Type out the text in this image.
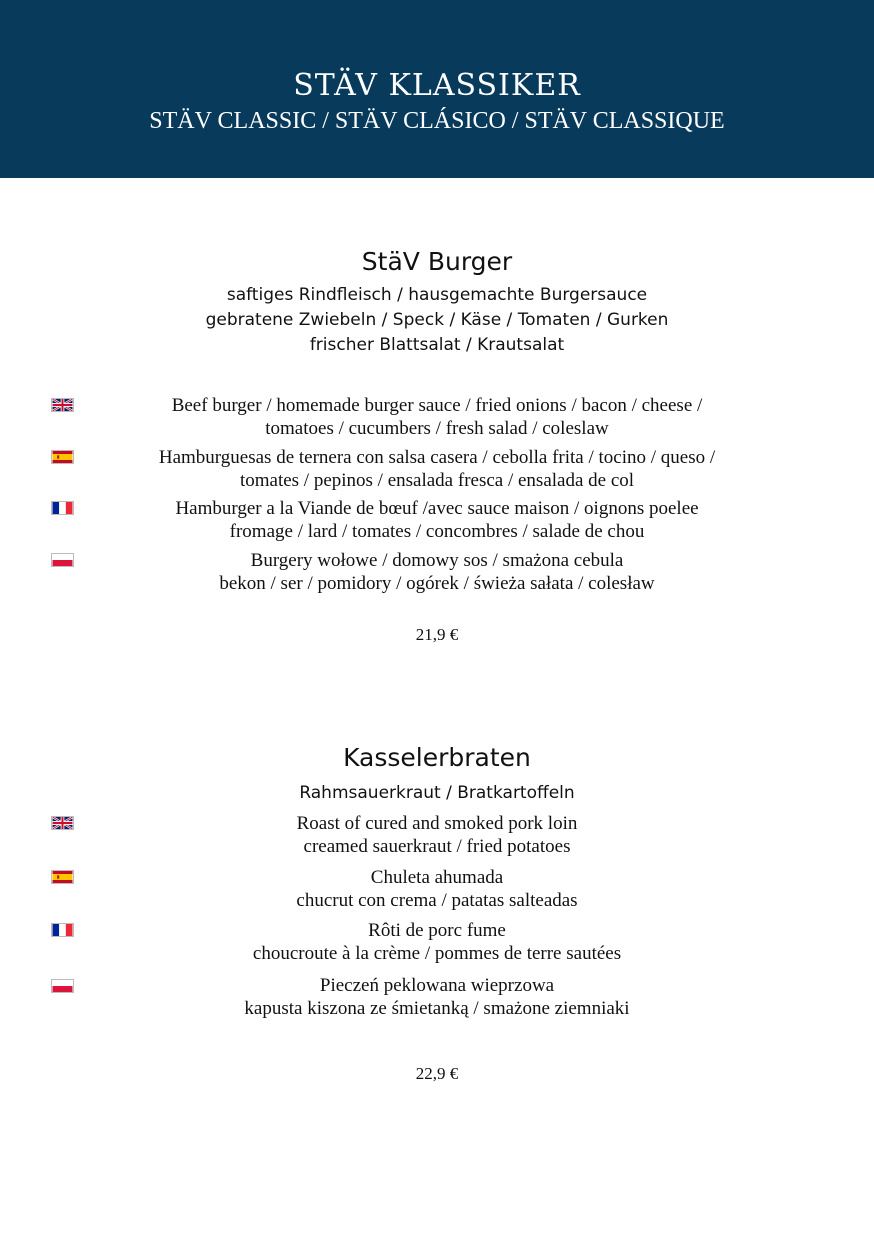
STÄV KLASSIKER
STÄV CLASSIC / STÄV CLÁSICO / STÄV CLASSIQUE
StäV Burger
saftiges Rindfleisch / hausgemachte Burgersauce
gebratene Zwiebeln / Speck / Käse / Tomaten / Gurken
frischer Blattsalat / Krautsalat
Beef burger / homemade burger sauce / fried onions / bacon / cheese /
tomatoes / cucumbers / fresh salad / coleslaw
Hamburguesas de ternera con salsa casera / cebolla frita / tocino / queso /
tomates / pepinos / ensalada fresca / ensalada de col
Hamburger a la Viande de bœuf /avec sauce maison / oignons poelee
fromage / lard / tomates / concombres / salade de chou
Burgery wołowe / domowy sos / smażona cebula
bekon / ser / pomidory / ogórek / świeża sałata / colesław
21,9 €
Kasselerbraten
Rahmsauerkraut / Bratkartoffeln
Roast of cured and smoked pork loin
creamed sauerkraut / fried potatoes
Chuleta ahumada
chucrut con crema / patatas salteadas
Rôti de porc fume
choucroute à la crème / pommes de terre sautées
Pieczeń peklowana wieprzowa
kapusta kiszona ze śmietanką / smażone ziemniaki
22,9 €
